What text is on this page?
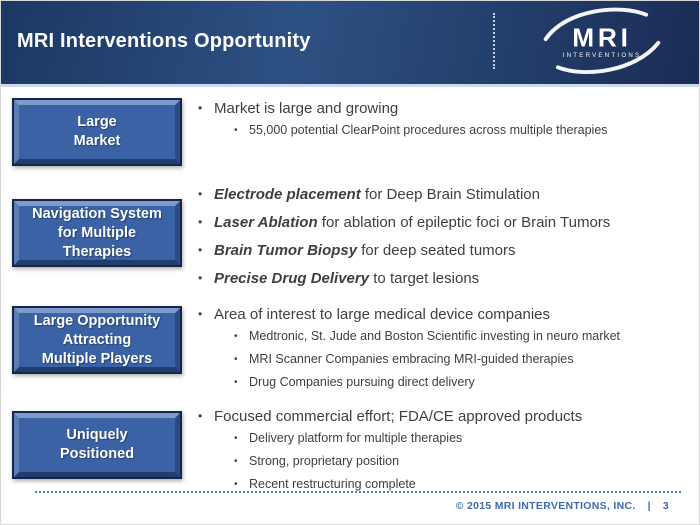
MRI Interventions Opportunity	MRI
INTERVENTIONS
Large
Market
• Market is large and growing
• 55,000 potential ClearPoint procedures across multiple therapies
Navigation System
for Multiple
Therapies
• Electrode placement for Deep Brain Stimulation
• Laser Ablation for ablation of epileptic foci or Brain Tumors
• Brain Tumor Biopsy for deep seated tumors
• Precise Drug Delivery to target lesions
Large Opportunity
Attracting
Multiple Players
• Area of interest to large medical device companies
• Medtronic, St. Jude and Boston Scientific investing in neuro market
• MRI Scanner Companies embracing MRI-guided therapies
• Drug Companies pursuing direct delivery
Uniquely
Positioned
• Focused commercial effort; FDA/CE approved products
• Delivery platform for multiple therapies
• Strong, proprietary position
• Recent restructuring complete
© 2015 MRI INTERVENTIONS, INC. | 3
